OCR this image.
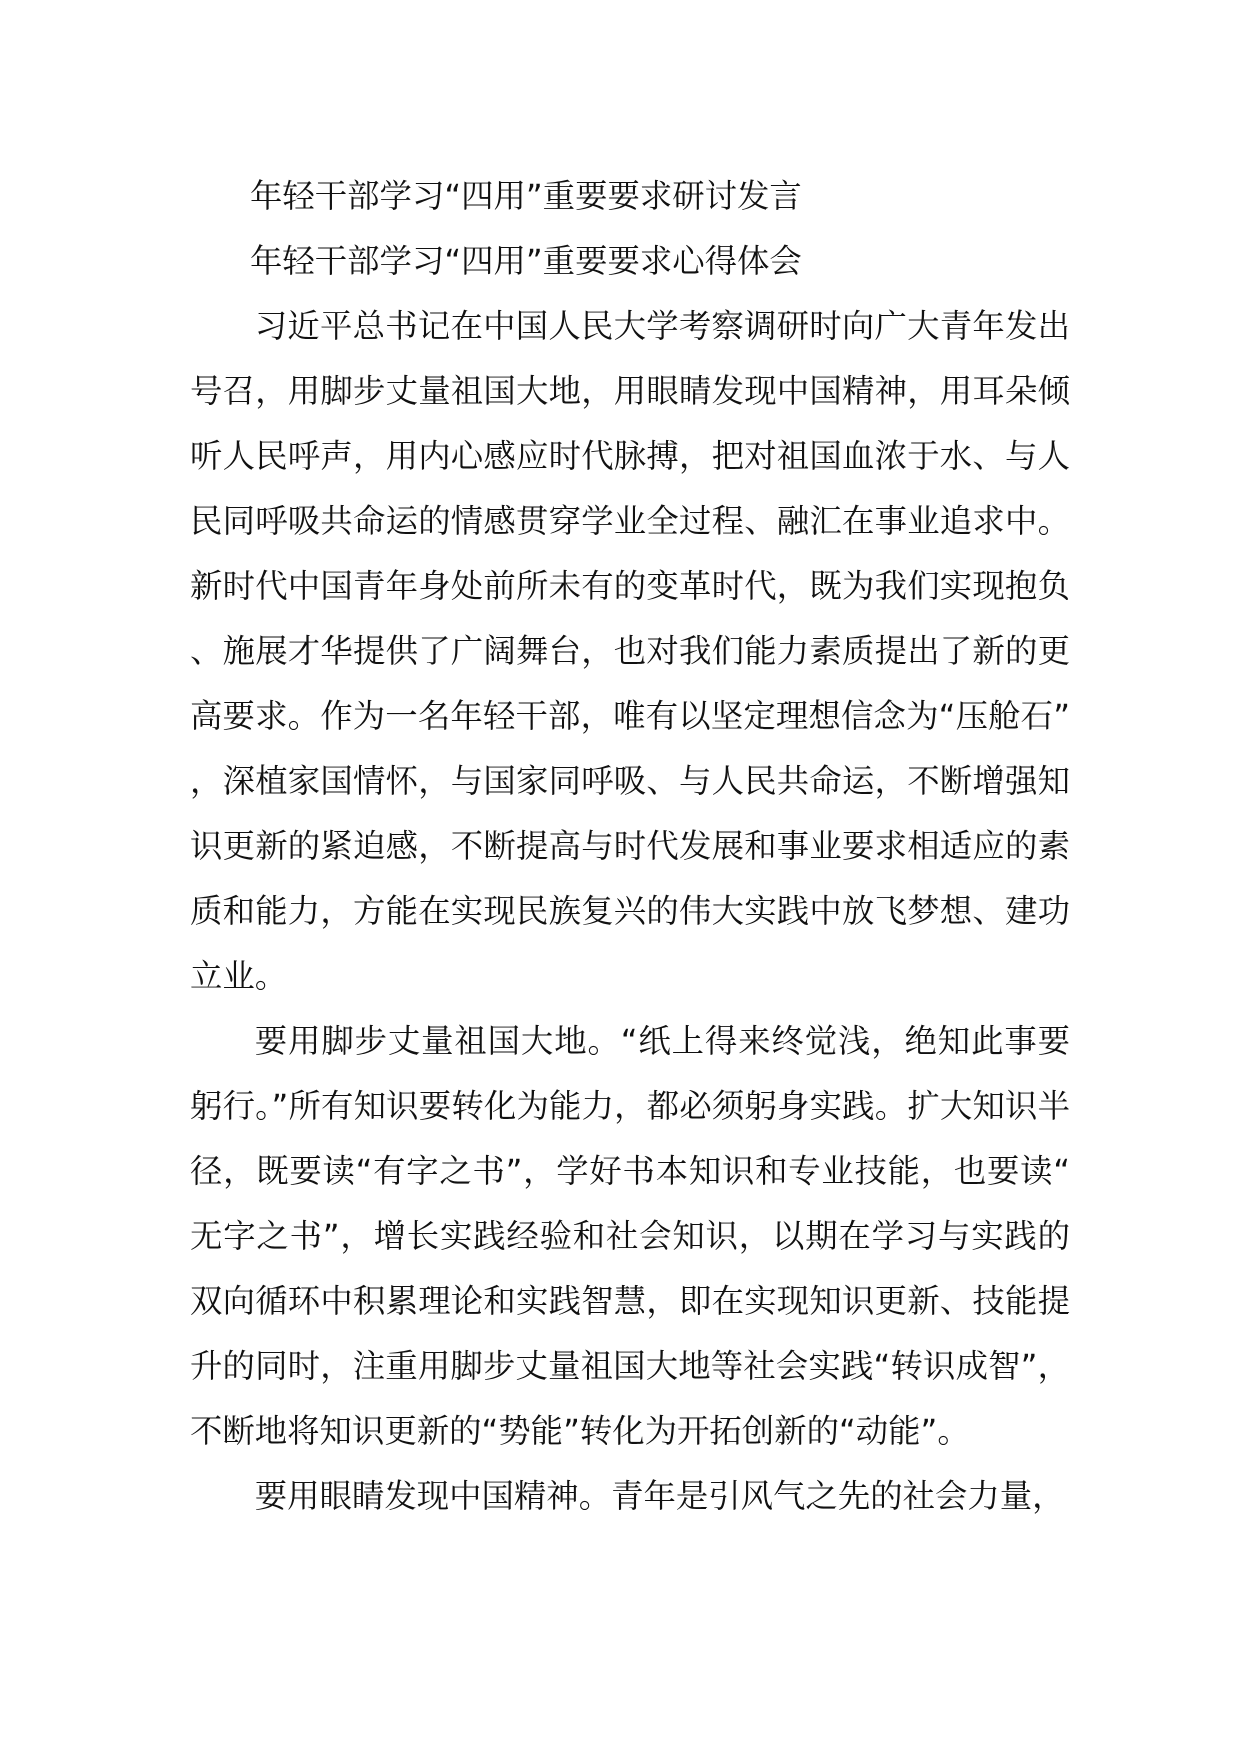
年轻干部学习“四用”重要要求研讨发言

年轻干部学习“四用”重要要求心得体会

习近平总书记在中国人民大学考察调研时向广大青年发出号召，用脚步丈量祖国大地，用眼睛发现中国精神，用耳朵倾听人民呼声，用内心感应时代脉搏，把对祖国血浓于水、与人民同呼吸共命运的情感贯穿学业全过程、融汇在事业追求中。新时代中国青年身处前所未有的变革时代，既为我们实现抱负、施展才华提供了广阔舞台，也对我们能力素质提出了新的更高要求。作为一名年轻干部，唯有以坚定理想信念为“压舱石”，深植家国情怀，与国家同呼吸、与人民共命运，不断增强知识更新的紧迫感，不断提高与时代发展和事业要求相适应的素质和能力，方能在实现民族复兴的伟大实践中放飞梦想、建功立业。

要用脚步丈量祖国大地。“纸上得来终觉浅，绝知此事要躬行。”所有知识要转化为能力，都必须躬身实践。扩大知识半径，既要读“有字之书”，学好书本知识和专业技能，也要读“无字之书”，增长实践经验和社会知识，以期在学习与实践的双向循环中积累理论和实践智慧，即在实现知识更新、技能提升的同时，注重用脚步丈量祖国大地等社会实践“转识成智”，不断地将知识更新的“势能”转化为开拓创新的“动能”。

要用眼睛发现中国精神。青年是引风气之先的社会力量，
